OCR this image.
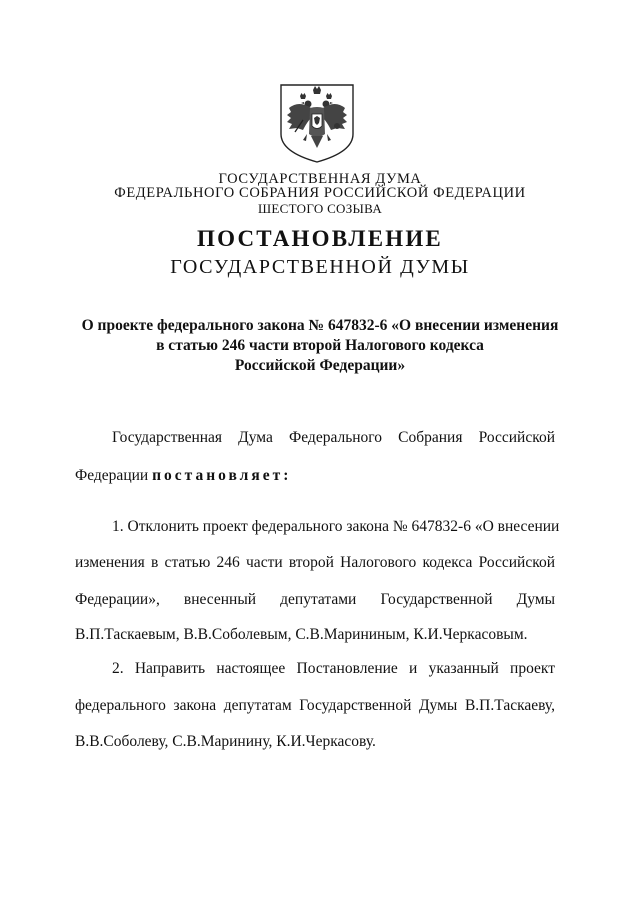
ГОСУДАРСТВЕННАЯ ДУМА
ФЕДЕРАЛЬНОГО СОБРАНИЯ РОССИЙСКОЙ ФЕДЕРАЦИИ
ШЕСТОГО СОЗЫВА
ПОСТАНОВЛЕНИЕ
ГОСУДАРСТВЕННОЙ ДУМЫ
О проекте федерального закона № 647832-6 «О внесении изменения
в статью 246 части второй Налогового кодекса
Российской Федерации»
Государственная Дума Федерального Собрания Российской
Федерации постановляет:
1. Отклонить проект федерального закона № 647832-6 «О внесении
изменения в статью 246 части второй Налогового кодекса Российской
Федерации», внесенный депутатами Государственной Думы
В.П.Таскаевым, В.В.Соболевым, С.В.Марининым, К.И.Черкасовым.
2. Направить настоящее Постановление и указанный проект
федерального закона депутатам Государственной Думы В.П.Таскаеву,
В.В.Соболеву, С.В.Маринину, К.И.Черкасову.
